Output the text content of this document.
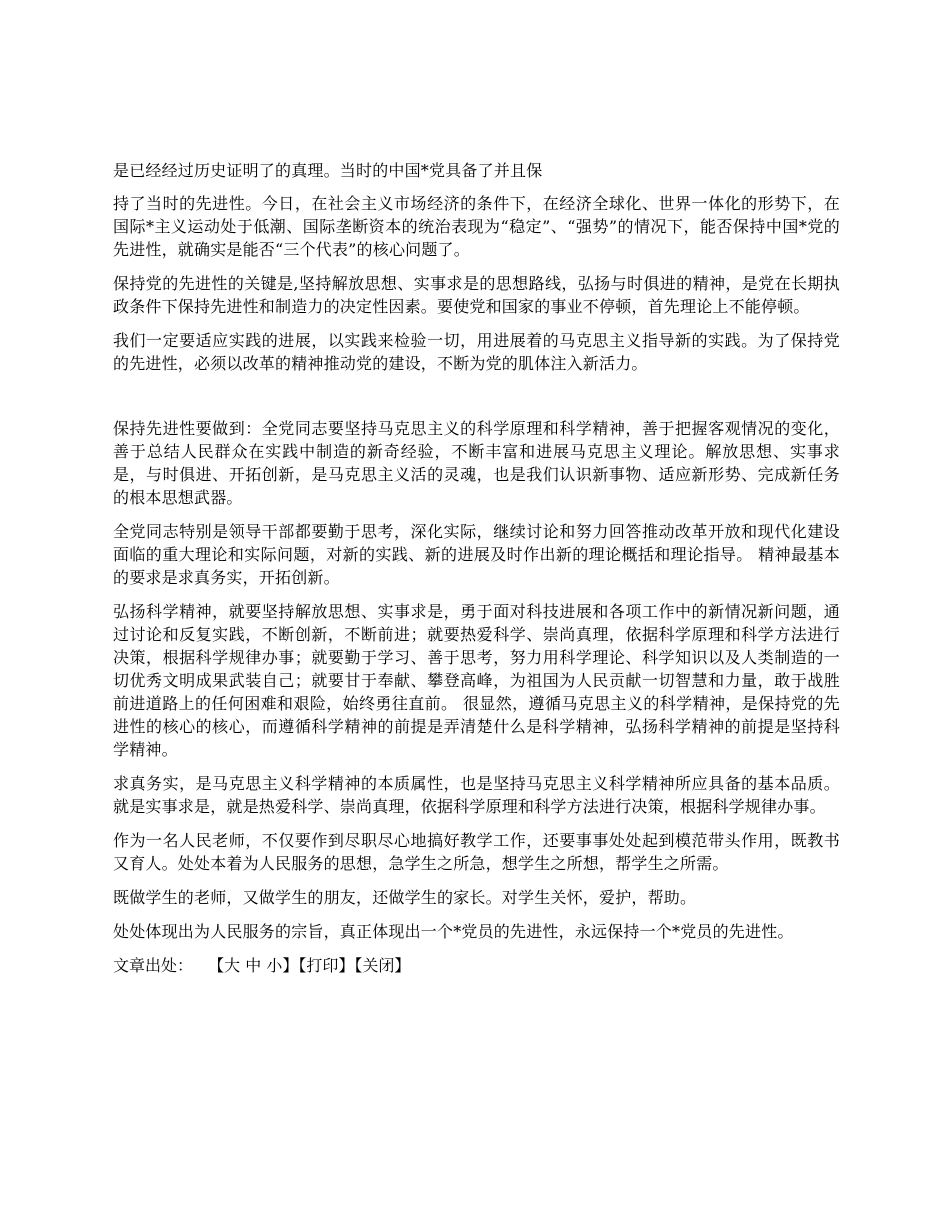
是已经经过历史证明了的真理。当时的中国*党具备了并且保

持了当时的先进性。今日，在社会主义市场经济的条件下，在经济全球化、世界一体化的形势下，在国际*主义运动处于低潮、国际垄断资本的统治表现为“稳定”、“强势”的情况下，能否保持中国*党的先进性，就确实是能否“三个代表”的核心问题了。

保持党的先进性的关键是,坚持解放思想、实事求是的思想路线，弘扬与时俱进的精神，是党在长期执政条件下保持先进性和制造力的决定性因素。要使党和国家的事业不停顿，首先理论上不能停顿。

我们一定要适应实践的进展，以实践来检验一切，用进展着的马克思主义指导新的实践。为了保持党的先进性，必须以改革的精神推动党的建设，不断为党的肌体注入新活力。

保持先进性要做到：全党同志要坚持马克思主义的科学原理和科学精神，善于把握客观情况的变化，善于总结人民群众在实践中制造的新奇经验，不断丰富和进展马克思主义理论。解放思想、实事求是，与时俱进、开拓创新，是马克思主义活的灵魂，也是我们认识新事物、适应新形势、完成新任务的根本思想武器。

全党同志特别是领导干部都要勤于思考，深化实际，继续讨论和努力回答推动改革开放和现代化建设面临的重大理论和实际问题，对新的实践、新的进展及时作出新的理论概括和理论指导。 精神最基本的要求是求真务实，开拓创新。

弘扬科学精神，就要坚持解放思想、实事求是，勇于面对科技进展和各项工作中的新情况新问题，通过讨论和反复实践，不断创新，不断前进；就要热爱科学、崇尚真理，依据科学原理和科学方法进行决策，根据科学规律办事；就要勤于学习、善于思考，努力用科学理论、科学知识以及人类制造的一切优秀文明成果武装自己；就要甘于奉献、攀登高峰，为祖国为人民贡献一切智慧和力量，敢于战胜前进道路上的任何困难和艰险，始终勇往直前。 很显然，遵循马克思主义的科学精神，是保持党的先进性的核心的核心，而遵循科学精神的前提是弄清楚什么是科学精神，弘扬科学精神的前提是坚持科学精神。

求真务实，是马克思主义科学精神的本质属性，也是坚持马克思主义科学精神所应具备的基本品质。就是实事求是，就是热爱科学、崇尚真理，依据科学原理和科学方法进行决策，根据科学规律办事。

作为一名人民老师，不仅要作到尽职尽心地搞好教学工作，还要事事处处起到模范带头作用，既教书又育人。处处本着为人民服务的思想，急学生之所急，想学生之所想，帮学生之所需。

既做学生的老师，又做学生的朋友，还做学生的家长。对学生关怀，爱护，帮助。

处处体现出为人民服务的宗旨，真正体现出一个*党员的先进性，永远保持一个*党员的先进性。

文章出处： 【大 中 小】【打印】【关闭】
